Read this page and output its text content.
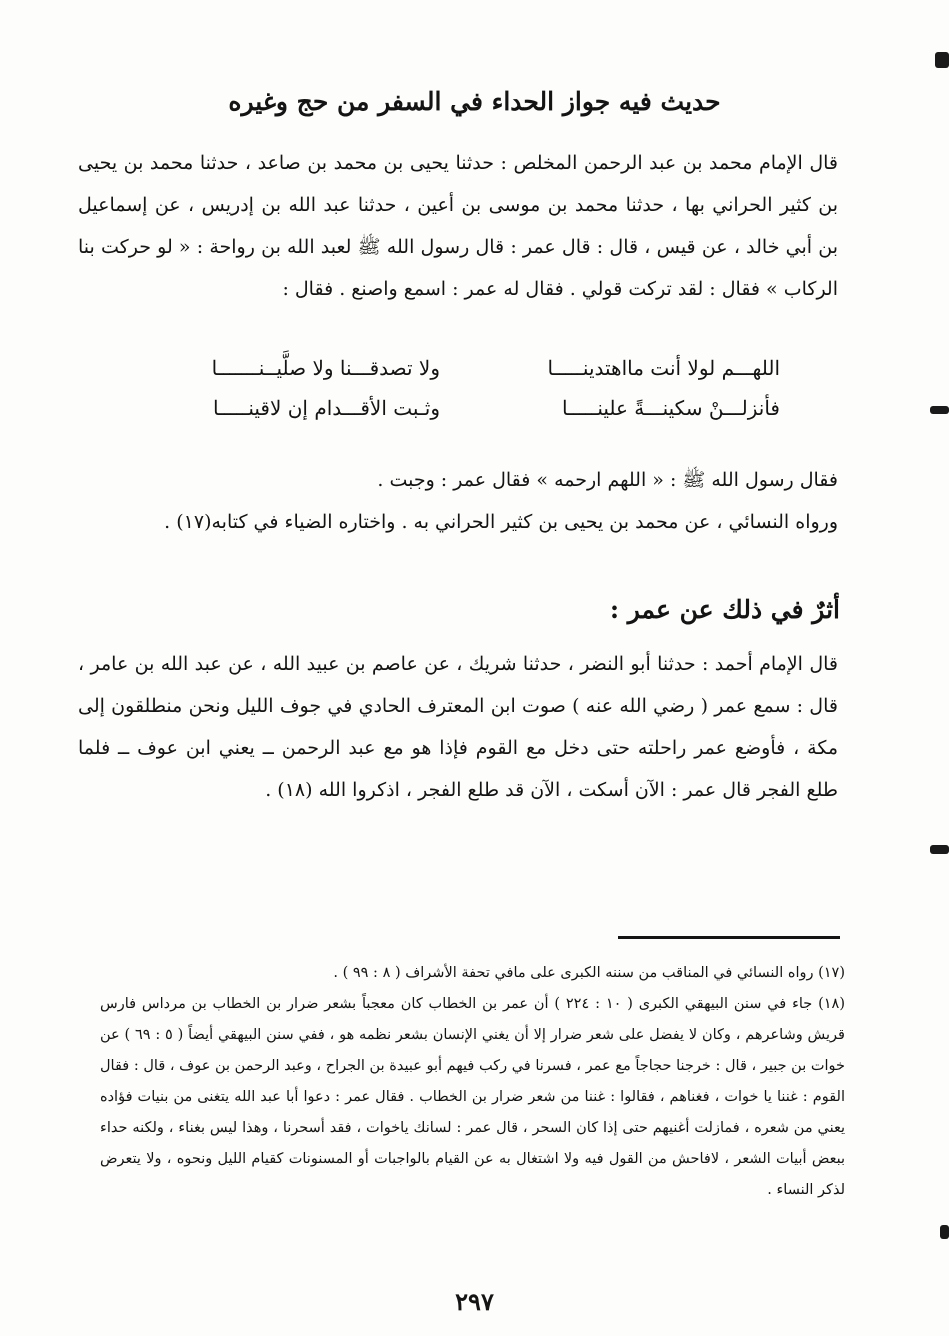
حديث فيه جواز الحداء في السفر من حج وغيره
قال الإمام محمد بن عبد الرحمن المخلص : حدثنا يحيى بن محمد بن صاعد ، حدثنا محمد بن يحيى بن كثير الحراني بها ، حدثنا محمد بن موسى بن أعين ، حدثنا عبد الله بن إدريس ، عن إسماعيل بن أبي خالد ، عن قيس ، قال : قال عمر : قال رسول الله ﷺ لعبد الله بن رواحة : « لو حركت بنا الركاب » فقال : لقد تركت قولي . فقال له عمر : اسمع واصنع . فقال :
اللهـــم لولا أنت مااهتدينـــــا
ولا تصدقـــنا ولا صلَّيــنـــــــا
فأنزلـــنْ سكينـــةً علينـــــا
وثـبت الأقـــدام إن لاقينـــــا
فقال رسول الله ﷺ : « اللهم ارحمه » فقال عمر : وجبت .
ورواه النسائي ، عن محمد بن يحيى بن كثير الحراني به . واختاره الضياء في كتابه(١٧) .
أثرٌ في ذلك عن عمر :
قال الإمام أحمد : حدثنا أبو النضر ، حدثنا شريك ، عن عاصم بن عبيد الله ، عن عبد الله بن عامر ، قال : سمع عمر ( رضي الله عنه ) صوت ابن المعترف الحادي في جوف الليل ونحن منطلقون إلى مكة ، فأوضع عمر راحلته حتى دخل مع القوم فإذا هو مع عبد الرحمن ــ يعني ابن عوف ــ فلما طلع الفجر قال عمر : الآن أسكت ، الآن قد طلع الفجر ، اذكروا الله (١٨) .

(١٧) رواه النسائي في المناقب من سننه الكبرى على مافي تحفة الأشراف ( ٨ : ٩٩ ) .

(١٨) جاء في سنن البيهقي الكبرى ( ١٠ : ٢٢٤ ) أن عمر بن الخطاب كان معجباً بشعر ضرار بن الخطاب بن مرداس فارس قريش وشاعرهم ، وكان لا يفضل على شعر ضرار إلا أن يغني الإنسان بشعر نظمه هو ، ففي سنن البيهقي أيضاً ( ٥ : ٦٩ ) عن خوات بن جبير ، قال : خرجنا حجاجاً مع عمر ، فسرنا في ركب فيهم أبو عبيدة بن الجراح ، وعبد الرحمن بن عوف ، قال : فقال القوم : غننا يا خوات ، فغناهم ، فقالوا : غننا من شعر ضرار بن الخطاب . فقال عمر : دعوا أبا عبد الله يتغنى من بنيات فؤاده يعني من شعره ، فمازلت أغنيهم حتى إذا كان السحر ، قال عمر : لسانك ياخوات ، فقد أسحرنا ، وهذا ليس بغناء ، ولكنه حداء ببعض أبيات الشعر ، لافاحش من القول فيه ولا اشتغال به عن القيام بالواجبات أو المسنونات كقيام الليل ونحوه ، ولا يتعرض لذكر النساء .

٢٩٧
